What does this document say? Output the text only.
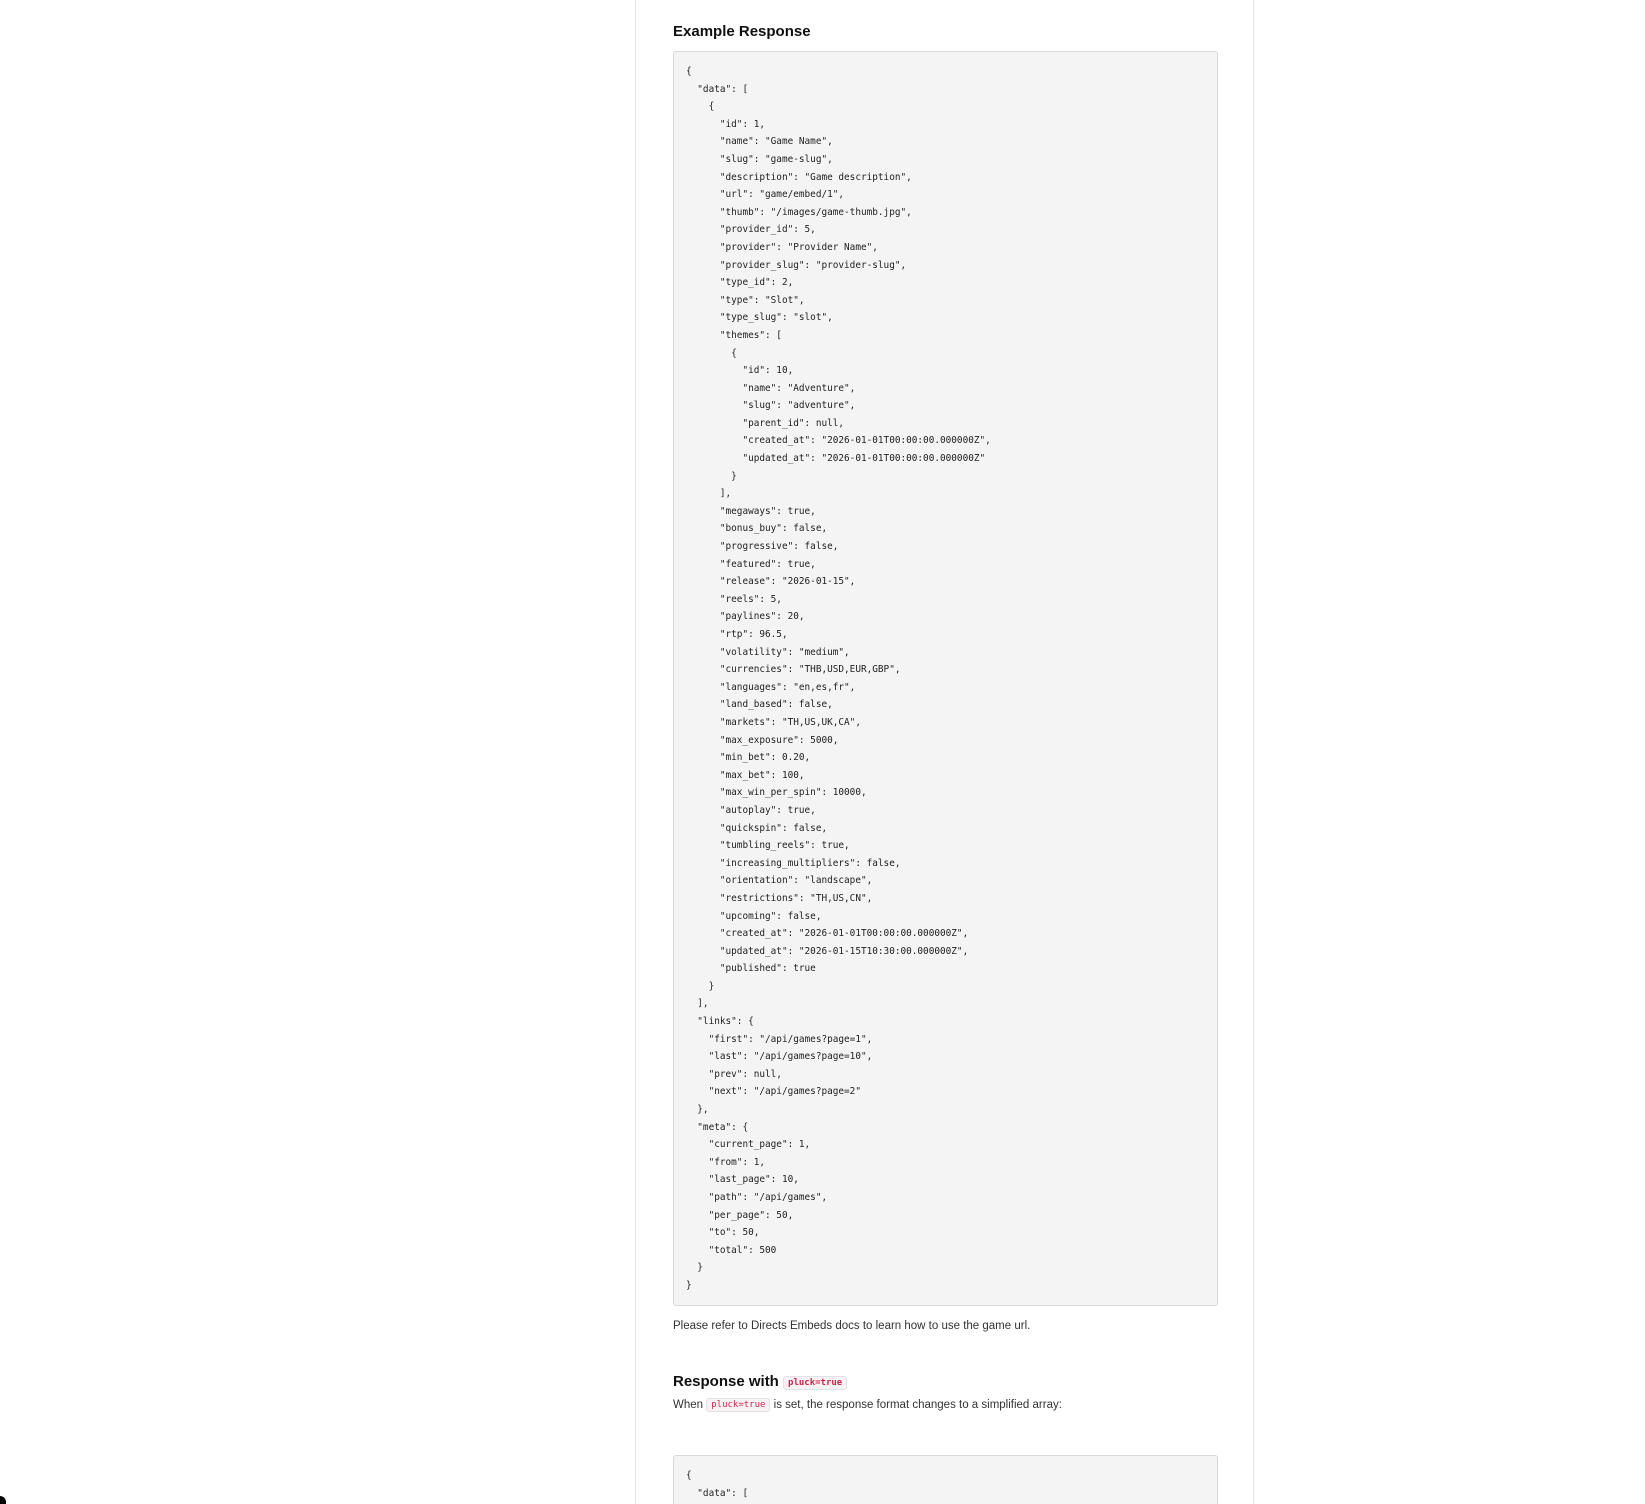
Example Response
{
"data": [
{
"id": 1,
"name": "Game Name",
"slug": "game-slug",
"description": "Game description",
"url": "game/embed/1",
"thumb": "/images/game-thumb.jpg",
"provider_id": 5,
"provider": "Provider Name",
"provider_slug": "provider-slug",
"type_id": 2,
"type": "Slot",
"type_slug": "slot",
"themes": [
{
"id": 10,
"name": "Adventure",
"slug": "adventure",
"parent_id": null,
"created_at": "2026-01-01T00:00:00.000000Z",
"updated_at": "2026-01-01T00:00:00.000000Z"
}
],
"megaways": true,
"bonus_buy": false,
"progressive": false,
"featured": true,
"release": "2026-01-15",
"reels": 5,
"paylines": 20,
"rtp": 96.5,
"volatility": "medium",
"currencies": "THB,USD,EUR,GBP",
"languages": "en,es,fr",
"land_based": false,
"markets": "TH,US,UK,CA",
"max_exposure": 5000,
"min_bet": 0.20,
"max_bet": 100,
"max_win_per_spin": 10000,
"autoplay": true,
"quickspin": false,
"tumbling_reels": true,
"increasing_multipliers": false,
"orientation": "landscape",
"restrictions": "TH,US,CN",
"upcoming": false,
"created_at": "2026-01-01T00:00:00.000000Z",
"updated_at": "2026-01-15T10:30:00.000000Z",
"published": true
}
],
"links": {
"first": "/api/games?page=1",
"last": "/api/games?page=10",
"prev": null,
"next": "/api/games?page=2"
},
"meta": {
"current_page": 1,
"from": 1,
"last_page": 10,
"path": "/api/games",
"per_page": 50,
"to": 50,
"total": 500
}
}

Please refer to Directs Embeds docs to learn how to use the game url.

Response with pluck=true

When pluck=true is set, the response format changes to a simplified array:

{
"data": [
